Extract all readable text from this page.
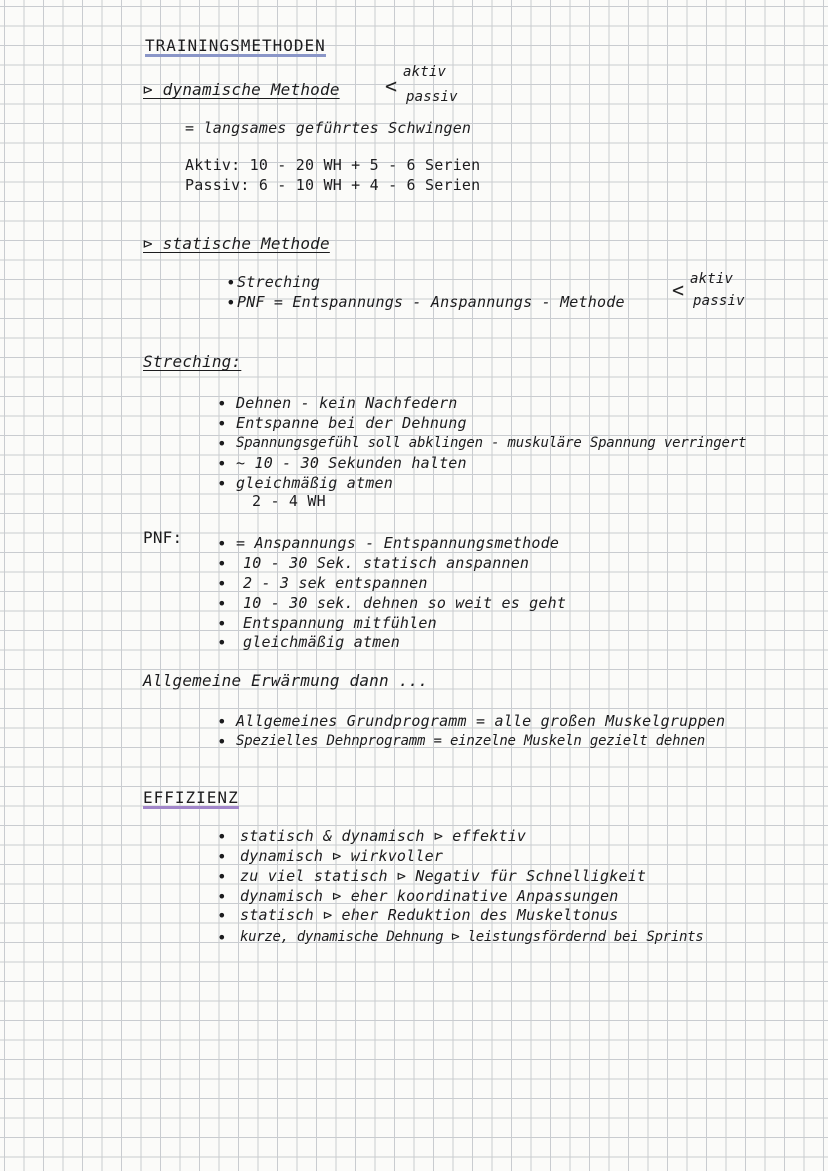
TRAININGSMETHODEN
⊳ dynamische Methode <
aktiv
passiv
= langsames geführtes Schwingen
Aktiv: 10 - 20 WH + 5 - 6 Serien
Passiv: 6 - 10 WH + 4 - 6 Serien
⊳ statische Methode
• Streching
• PNF = Entspannungs - Anspannungs - Methode < aktiv
passiv
Streching:
• Dehnen - kein Nachfedern
• Entspanne bei der Dehnung
• Spannungsgefühl soll abklingen - muskuläre Spannung verringert
• ~ 10 - 30 Sekunden halten
• gleichmäßig atmen
2 - 4 WH
PNF: • = Anspannungs - Entspannungsmethode
• 10 - 30 Sek. statisch anspannen
• 2 - 3 sek entspannen
• 10 - 30 sek. dehnen so weit es geht
• Entspannung mitfühlen
• gleichmäßig atmen
Allgemeine Erwärmung dann ...
• Allgemeines Grundprogramm = alle großen Muskelgruppen
• Spezielles Dehnprogramm = einzelne Muskeln gezielt dehnen
EFFIZIENZ
• statisch & dynamisch ⊳ effektiv
• dynamisch ⊳ wirkvoller
• zu viel statisch ⊳ Negativ für Schnelligkeit
• dynamisch ⊳ eher koordinative Anpassungen
• statisch ⊳ eher Reduktion des Muskeltonus
• kurze, dynamische Dehnung ⊳ leistungsfördernd bei Sprints
